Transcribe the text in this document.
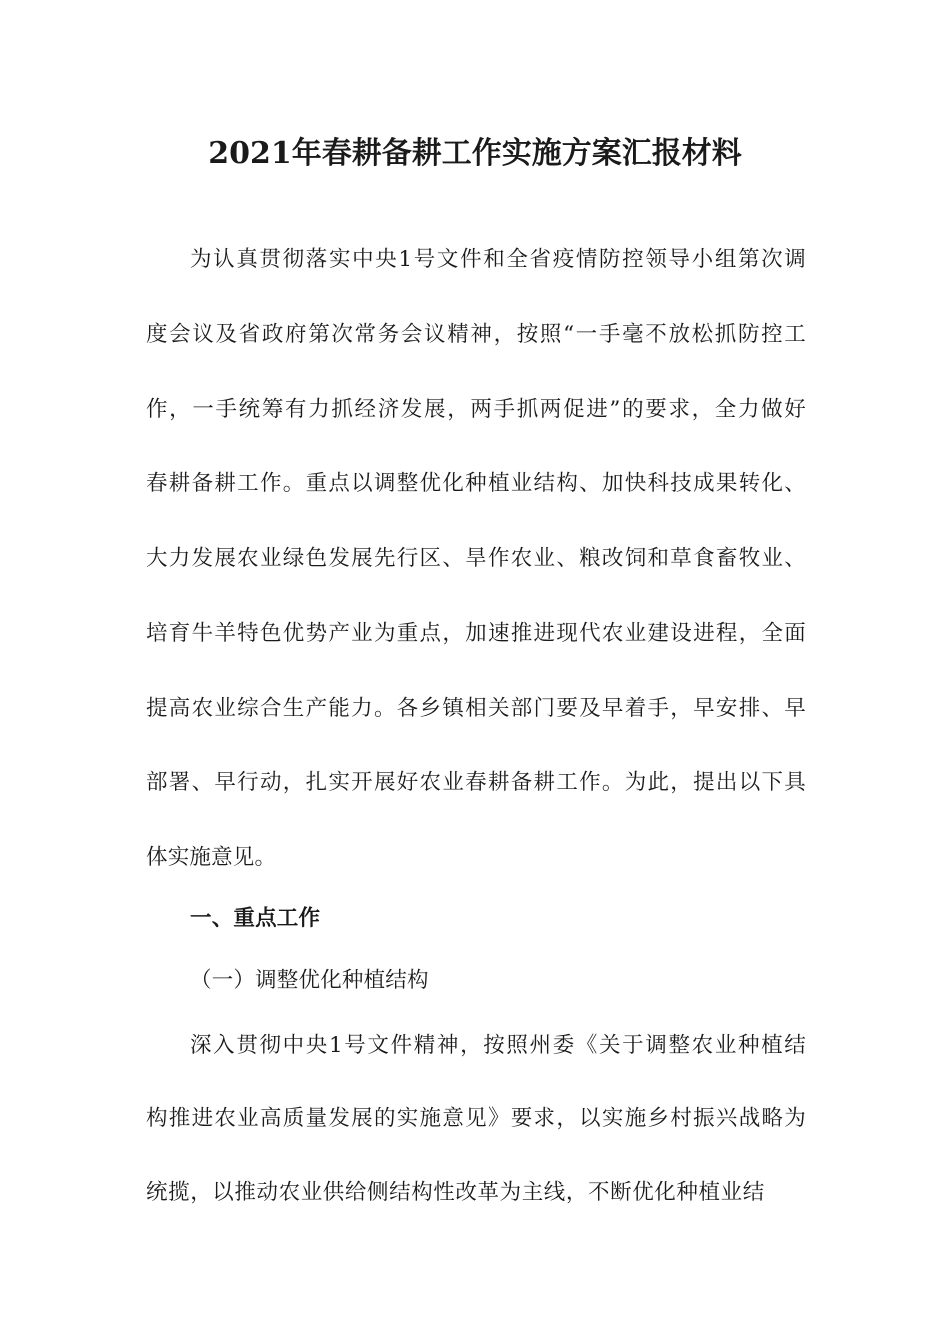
2021年春耕备耕工作实施方案汇报材料
为认真贯彻落实中央1号文件和全省疫情防控领导小组第次调
度会议及省政府第次常务会议精神，按照“一手毫不放松抓防控工
作，一手统筹有力抓经济发展，两手抓两促进”的要求，全力做好
春耕备耕工作。重点以调整优化种植业结构、加快科技成果转化、
大力发展农业绿色发展先行区、旱作农业、粮改饲和草食畜牧业、
培育牛羊特色优势产业为重点，加速推进现代农业建设进程，全面
提高农业综合生产能力。各乡镇相关部门要及早着手，早安排、早
部署、早行动，扎实开展好农业春耕备耕工作。为此，提出以下具
体实施意见。
一、重点工作
（一）调整优化种植结构
深入贯彻中央1号文件精神，按照州委《关于调整农业种植结
构推进农业高质量发展的实施意见》要求，以实施乡村振兴战略为
统揽，以推动农业供给侧结构性改革为主线，不断优化种植业结
